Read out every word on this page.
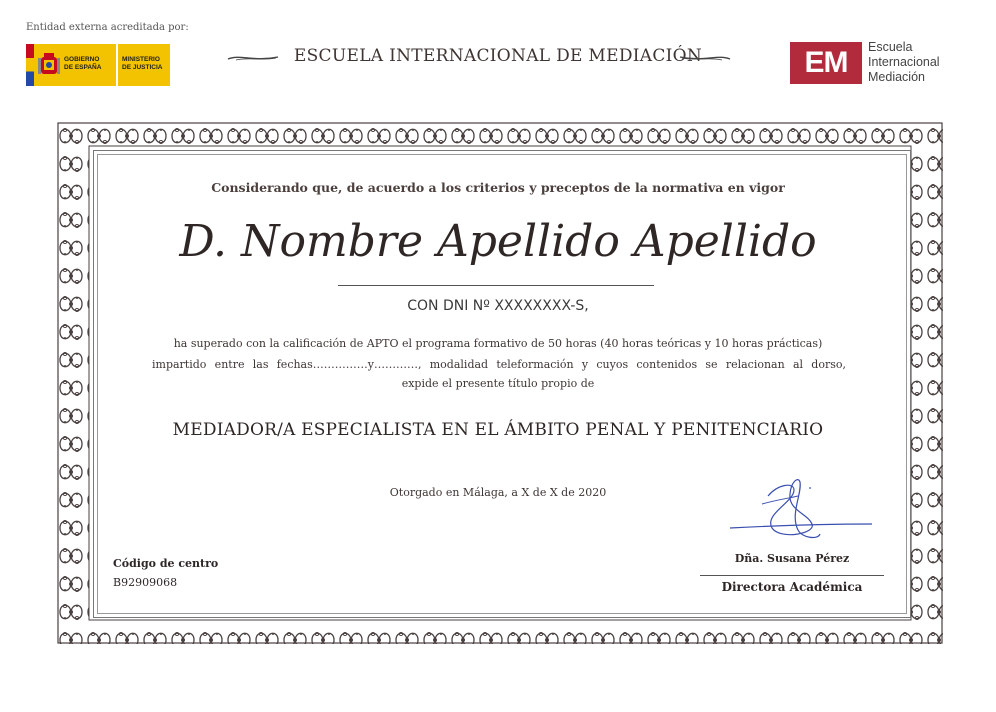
Entidad externa acreditada por:
GOBIERNO
DE ESPAÑA
MINISTERIO
DE JUSTICIA
ESCUELA INTERNACIONAL DE MEDIACIÓN	EM	Escuela
Internacional
Mediación
Considerando que, de acuerdo a los criterios y preceptos de la normativa en vigor
D. Nombre Apellido Apellido
CON DNI Nº XXXXXXXX-S,
ha superado con la calificación de APTO el programa formativo de 50 horas (40 horas teóricas y 10 horas prácticas)
impartido entre las fechas……………y…………, modalidad teleformación y cuyos contenidos se relacionan al dorso,
expide el presente título propio de
MEDIADOR/A ESPECIALISTA EN EL ÁMBITO PENAL Y PENITENCIARIO
Otorgado en Málaga, a X de X de 2020
Código de centro
B92909068
Dña. Susana Pérez
Directora Académica
